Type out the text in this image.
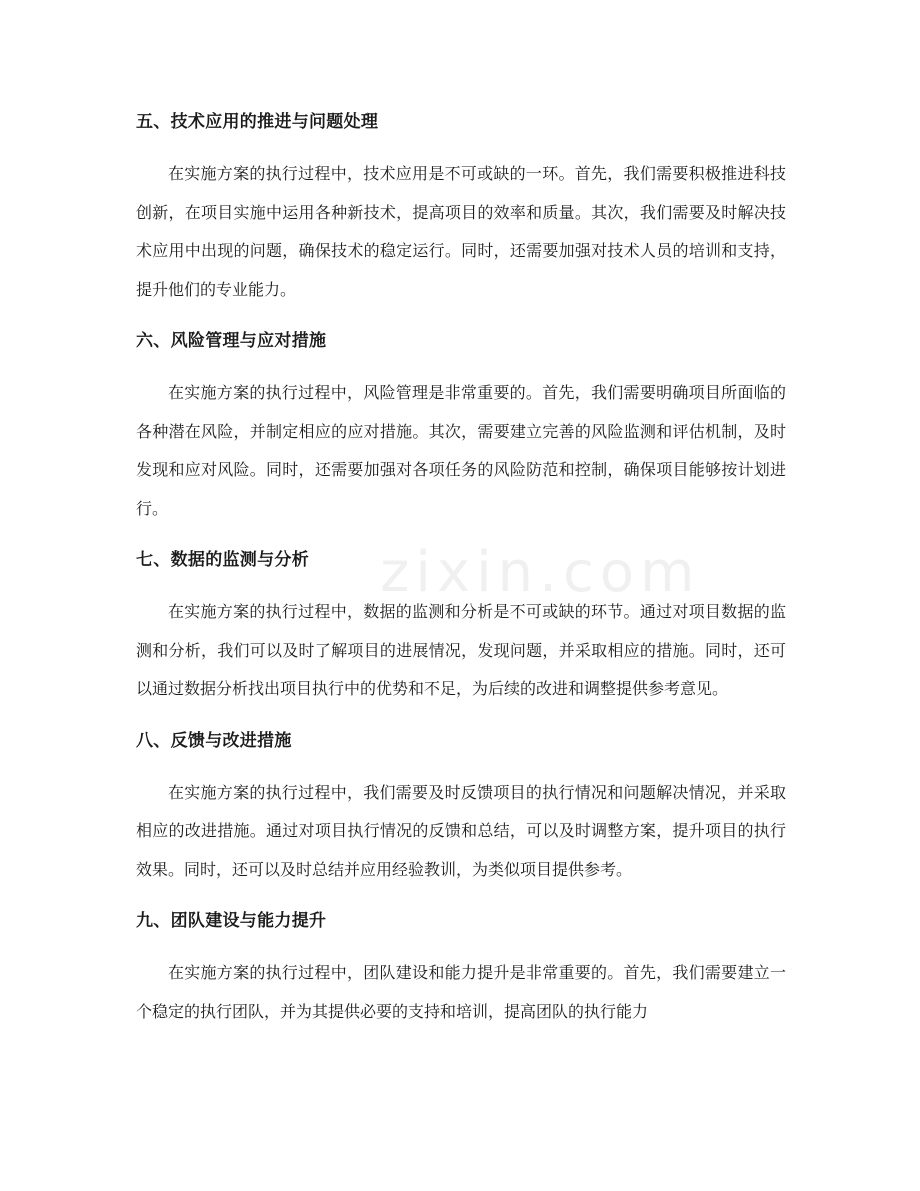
zixin.com
五、技术应用的推进与问题处理

在实施方案的执行过程中，技术应用是不可或缺的一环。首先，我们需要积极推进科技创新，在项目实施中运用各种新技术，提高项目的效率和质量。其次，我们需要及时解决技术应用中出现的问题，确保技术的稳定运行。同时，还需要加强对技术人员的培训和支持，提升他们的专业能力。

六、风险管理与应对措施

在实施方案的执行过程中，风险管理是非常重要的。首先，我们需要明确项目所面临的各种潜在风险，并制定相应的应对措施。其次，需要建立完善的风险监测和评估机制，及时发现和应对风险。同时，还需要加强对各项任务的风险防范和控制，确保项目能够按计划进行。

七、数据的监测与分析

在实施方案的执行过程中，数据的监测和分析是不可或缺的环节。通过对项目数据的监测和分析，我们可以及时了解项目的进展情况，发现问题，并采取相应的措施。同时，还可以通过数据分析找出项目执行中的优势和不足，为后续的改进和调整提供参考意见。

八、反馈与改进措施

在实施方案的执行过程中，我们需要及时反馈项目的执行情况和问题解决情况，并采取相应的改进措施。通过对项目执行情况的反馈和总结，可以及时调整方案，提升项目的执行效果。同时，还可以及时总结并应用经验教训，为类似项目提供参考。

九、团队建设与能力提升

在实施方案的执行过程中，团队建设和能力提升是非常重要的。首先，我们需要建立一个稳定的执行团队，并为其提供必要的支持和培训，提高团队的执行能力
